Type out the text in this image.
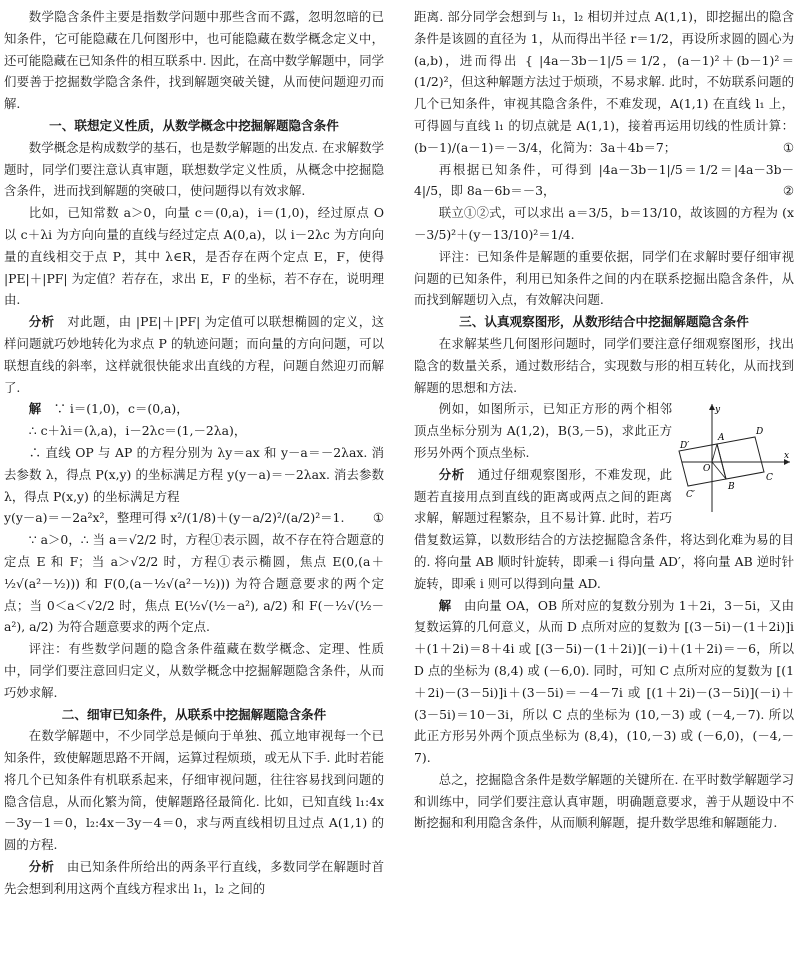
数学隐含条件主要是指数学问题中那些含而不露，忽明忽暗的已知条件，它可能隐藏在几何图形中，也可能隐藏在数学概念定义中，还可能隐藏在已知条件的相互联系中. 因此，在高中数学解题中，同学们要善于挖掘数学隐含条件，找到解题突破关键，从而使问题迎刃而解.

一、联想定义性质，从数学概念中挖掘解题隐含条件

数学概念是构成数学的基石，也是数学解题的出发点. 在求解数学题时，同学们要注意认真审题，联想数学定义性质，从概念中挖掘隐含条件，进而找到解题的突破口，使问题得以有效求解.

比如，已知常数 a＞0，向量 c＝(0,a)，i＝(1,0)，经过原点 O 以 c＋λi 为方向向量的直线与经过定点 A(0,a)，以 i－2λc 为方向向量的直线相交于点 P，其中 λ∈R，是否存在两个定点 E，F，使得 |PE|＋|PF| 为定值？若存在，求出 E，F 的坐标，若不存在，说明理由.

分析　 对此题，由 |PE|＋|PF| 为定值可以联想椭圆的定义，这样问题就巧妙地转化为求点 P 的轨迹问题；而向量的方向问题，可以联想直线的斜率，这样就很快能求出直线的方程，问题自然迎刃而解了.

解　 ∵ i＝(1,0)，c＝(0,a)，

∴ c＋λi＝(λ,a)，i－2λc＝(1,－2λa)，

∴ 直线 OP 与 AP 的方程分别为 λy＝ax 和 y－a＝－2λax. 消去参数 λ，得点 P(x,y) 的坐标满足方程 y(y－a)＝－2λax. 消去参数 λ，得点 P(x,y) 的坐标满足方程

y(y－a)＝－2a²x²，整理可得 x²/(1/8)＋(y－a/2)²/(a/2)²＝1. ①

∵ a＞0，∴ 当 a＝√2/2 时，方程①表示圆，故不存在符合题意的定点 E 和 F；当 a＞√2/2 时，方程①表示椭圆，焦点 E(0,(a＋½√(a²－½))) 和 F(0,(a－½√(a²－½))) 为符合题意要求的两个定点；当 0＜a＜√2/2 时，焦点 E(½√(½－a²), a/2) 和 F(－½√(½－a²), a/2) 为符合题意要求的两个定点.

评注：有些数学问题的隐含条件蕴藏在数学概念、定理、性质中，同学们要注意回归定义，从数学概念中挖掘解题隐含条件，从而巧妙求解.

二、细审已知条件，从联系中挖掘解题隐含条件

在数学解题中，不少同学总是倾向于单独、孤立地审视每一个已知条件，致使解题思路不开阔，运算过程烦琐，或无从下手. 此时若能将几个已知条件有机联系起来，仔细审视问题，往往容易找到问题的隐含信息，从而化繁为简，使解题路径最简化. 比如，已知直线 l₁:4x－3y－1＝0，l₂:4x－3y－4＝0，求与两直线相切且过点 A(1,1) 的圆的方程.

分析　 由已知条件所给出的两条平行直线，多数同学在解题时首先会想到利用这两个直线方程求出 l₁，l₂ 之间的

距离. 部分同学会想到与 l₁，l₂ 相切并过点 A(1,1)，即挖掘出的隐含条件是该圆的直径为 1，从而得出半径 r＝1/2，再设所求圆的圆心为 (a,b)，进而得出 { |4a－3b－1|/5＝1/2，(a－1)²＋(b－1)²＝(1/2)²，但这种解题方法过于烦琐，不易求解. 此时，不妨联系问题的几个已知条件，审视其隐含条件，不难发现，A(1,1) 在直线 l₁ 上，可得圆与直线 l₁ 的切点就是 A(1,1)，接着再运用切线的性质计算：(b－1)/(a－1)＝－3/4，化简为：3a＋4b＝7；	①

再根据已知条件，可得到 |4a－3b－1|/5＝1/2＝|4a－3b－4|/5，即 8a－6b＝－3，	②

联立①②式，可以求出 a＝3/5，b＝13/10，故该圆的方程为 (x－3/5)²＋(y－13/10)²＝1/4.

评注：已知条件是解题的重要依据，同学们在求解时要仔细审视问题的已知条件，利用已知条件之间的内在联系挖掘出隐含条件，从而找到解题切入点，有效解决问题.

三、认真观察图形，从数形结合中挖掘解题隐含条件

在求解某些几何图形问题时，同学们要注意仔细观察图形，找出隐含的数量关系，通过数形结合，实现数与形的相互转化，从而找到解题的思想和方法.

y
x
A
D′
O
D
C′
B
C

例如，如图所示，已知正方形的两个相邻顶点坐标分别为 A(1,2)，B(3,－5)，求此正方形另外两个顶点坐标.

分析　 通过仔细观察图形，不难发现，此题若直接用点到直线的距离或两点之间的距离求解，解题过程繁杂，且不易计算. 此时，若巧借复数运算，以数形结合的方法挖掘隐含条件，将达到化难为易的目的. 将向量 AB 顺时针旋转，即乘－i 得向量 AD′，将向量 AB 逆时针旋转，即乘 i 则可以得到向量 AD.

解　 由向量 OA，OB 所对应的复数分别为 1＋2i，3－5i，又由复数运算的几何意义，从而 D 点所对应的复数为 [(3－5i)－(1＋2i)]i＋(1＋2i)＝8＋4i 或 [(3－5i)－(1＋2i)](－i)＋(1＋2i)＝－6，所以 D 点的坐标为 (8,4) 或 (－6,0). 同时，可知 C 点所对应的复数为 [(1＋2i)－(3－5i)]i＋(3－5i)＝－4－7i 或 [(1＋2i)－(3－5i)](－i)＋(3－5i)＝10－3i，所以 C 点的坐标为 (10,－3) 或 (－4,－7). 所以此正方形另外两个顶点坐标为 (8,4)，(10,－3) 或 (－6,0)，(－4,－7).

总之，挖掘隐含条件是数学解题的关键所在. 在平时数学解题学习和训练中，同学们要注意认真审题，明确题意要求，善于从题设中不断挖掘和利用隐含条件，从而顺利解题，提升数学思维和解题能力.
